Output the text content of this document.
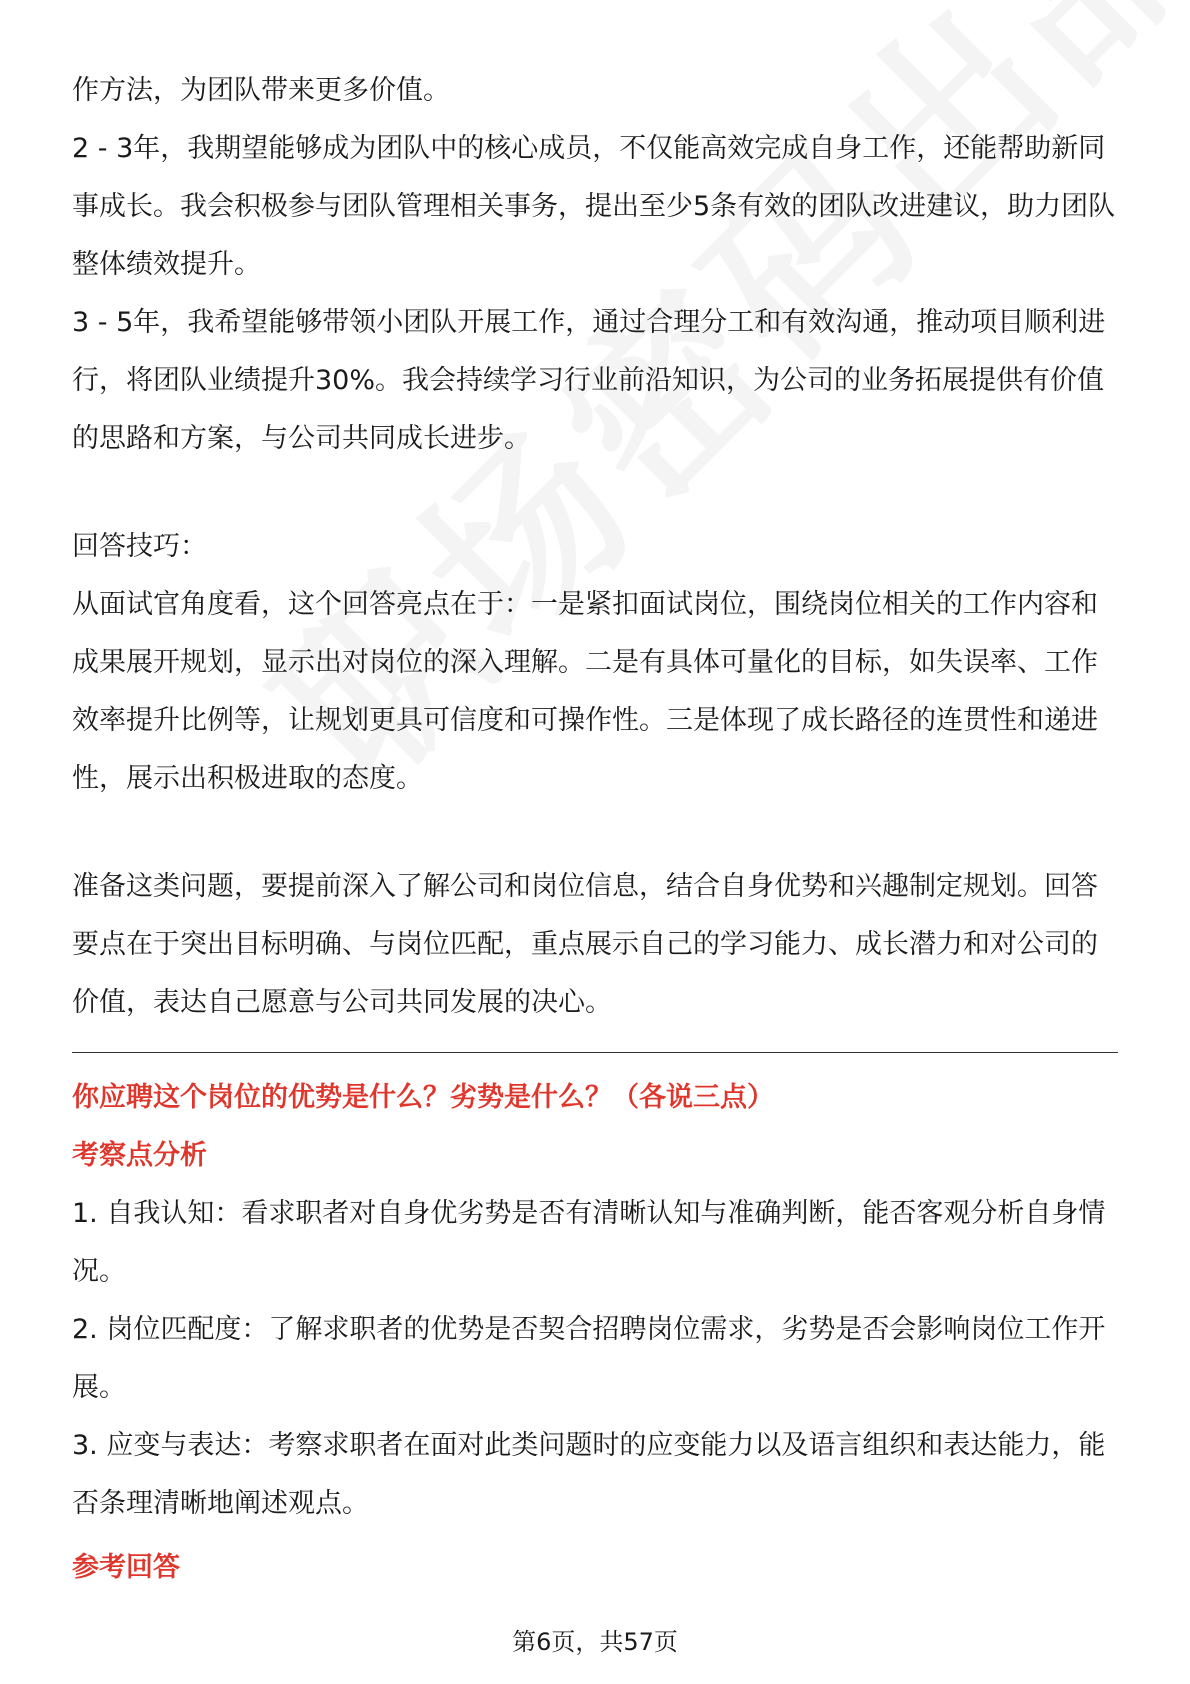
作方法，为团队带来更多价值。

2 - 3年，我期望能够成为团队中的核心成员，不仅能高效完成自身工作，还能帮助新同事成长。我会积极参与团队管理相关事务，提出至少5条有效的团队改进建议，助力团队整体绩效提升。

3 - 5年，我希望能够带领小团队开展工作，通过合理分工和有效沟通，推动项目顺利进行，将团队业绩提升30%。我会持续学习行业前沿知识，为公司的业务拓展提供有价值的思路和方案，与公司共同成长进步。

回答技巧：

从面试官角度看，这个回答亮点在于：一是紧扣面试岗位，围绕岗位相关的工作内容和成果展开规划，显示出对岗位的深入理解。二是有具体可量化的目标，如失误率、工作效率提升比例等，让规划更具可信度和可操作性。三是体现了成长路径的连贯性和递进性，展示出积极进取的态度。

准备这类问题，要提前深入了解公司和岗位信息，结合自身优势和兴趣制定规划。回答要点在于突出目标明确、与岗位匹配，重点展示自己的学习能力、成长潜力和对公司的价值，表达自己愿意与公司共同发展的决心。

你应聘这个岗位的优势是什么？劣势是什么？（各说三点）

考察点分析

1. 自我认知：看求职者对自身优劣势是否有清晰认知与准确判断，能否客观分析自身情况。

2. 岗位匹配度：了解求职者的优势是否契合招聘岗位需求，劣势是否会影响岗位工作开展。

3. 应变与表达：考察求职者在面对此类问题时的应变能力以及语言组织和表达能力，能否条理清晰地阐述观点。

参考回答

第6页，共57页
